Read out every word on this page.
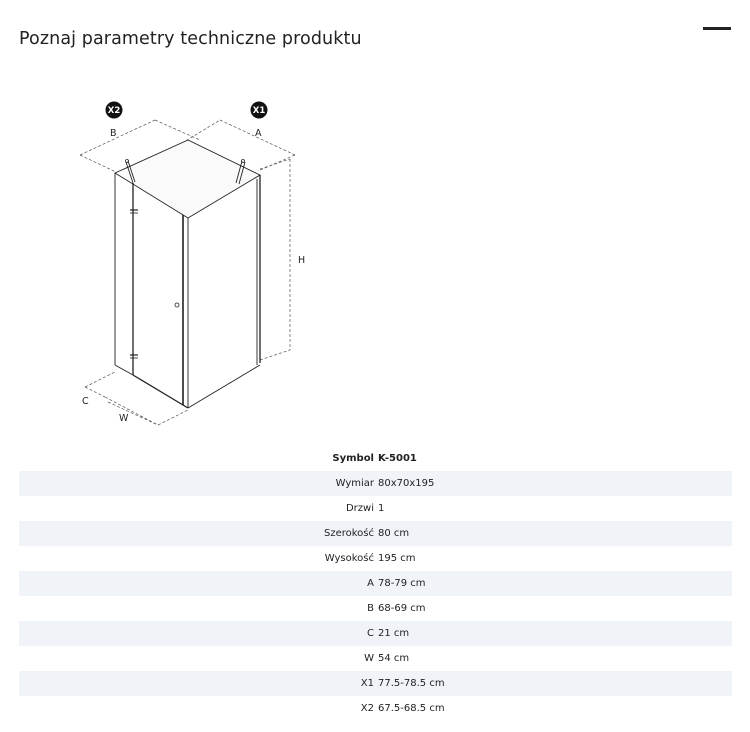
Poznaj parametry techniczne produktu
X2	X1
B	A
H
C
W
Symbol	K-5001
Wymiar	80x70x195
Drzwi	1
Szerokość	80 cm
Wysokość	195 cm
A	78-79 cm
B	68-69 cm
C	21 cm
W	54 cm
X1	77.5-78.5 cm
X2	67.5-68.5 cm
